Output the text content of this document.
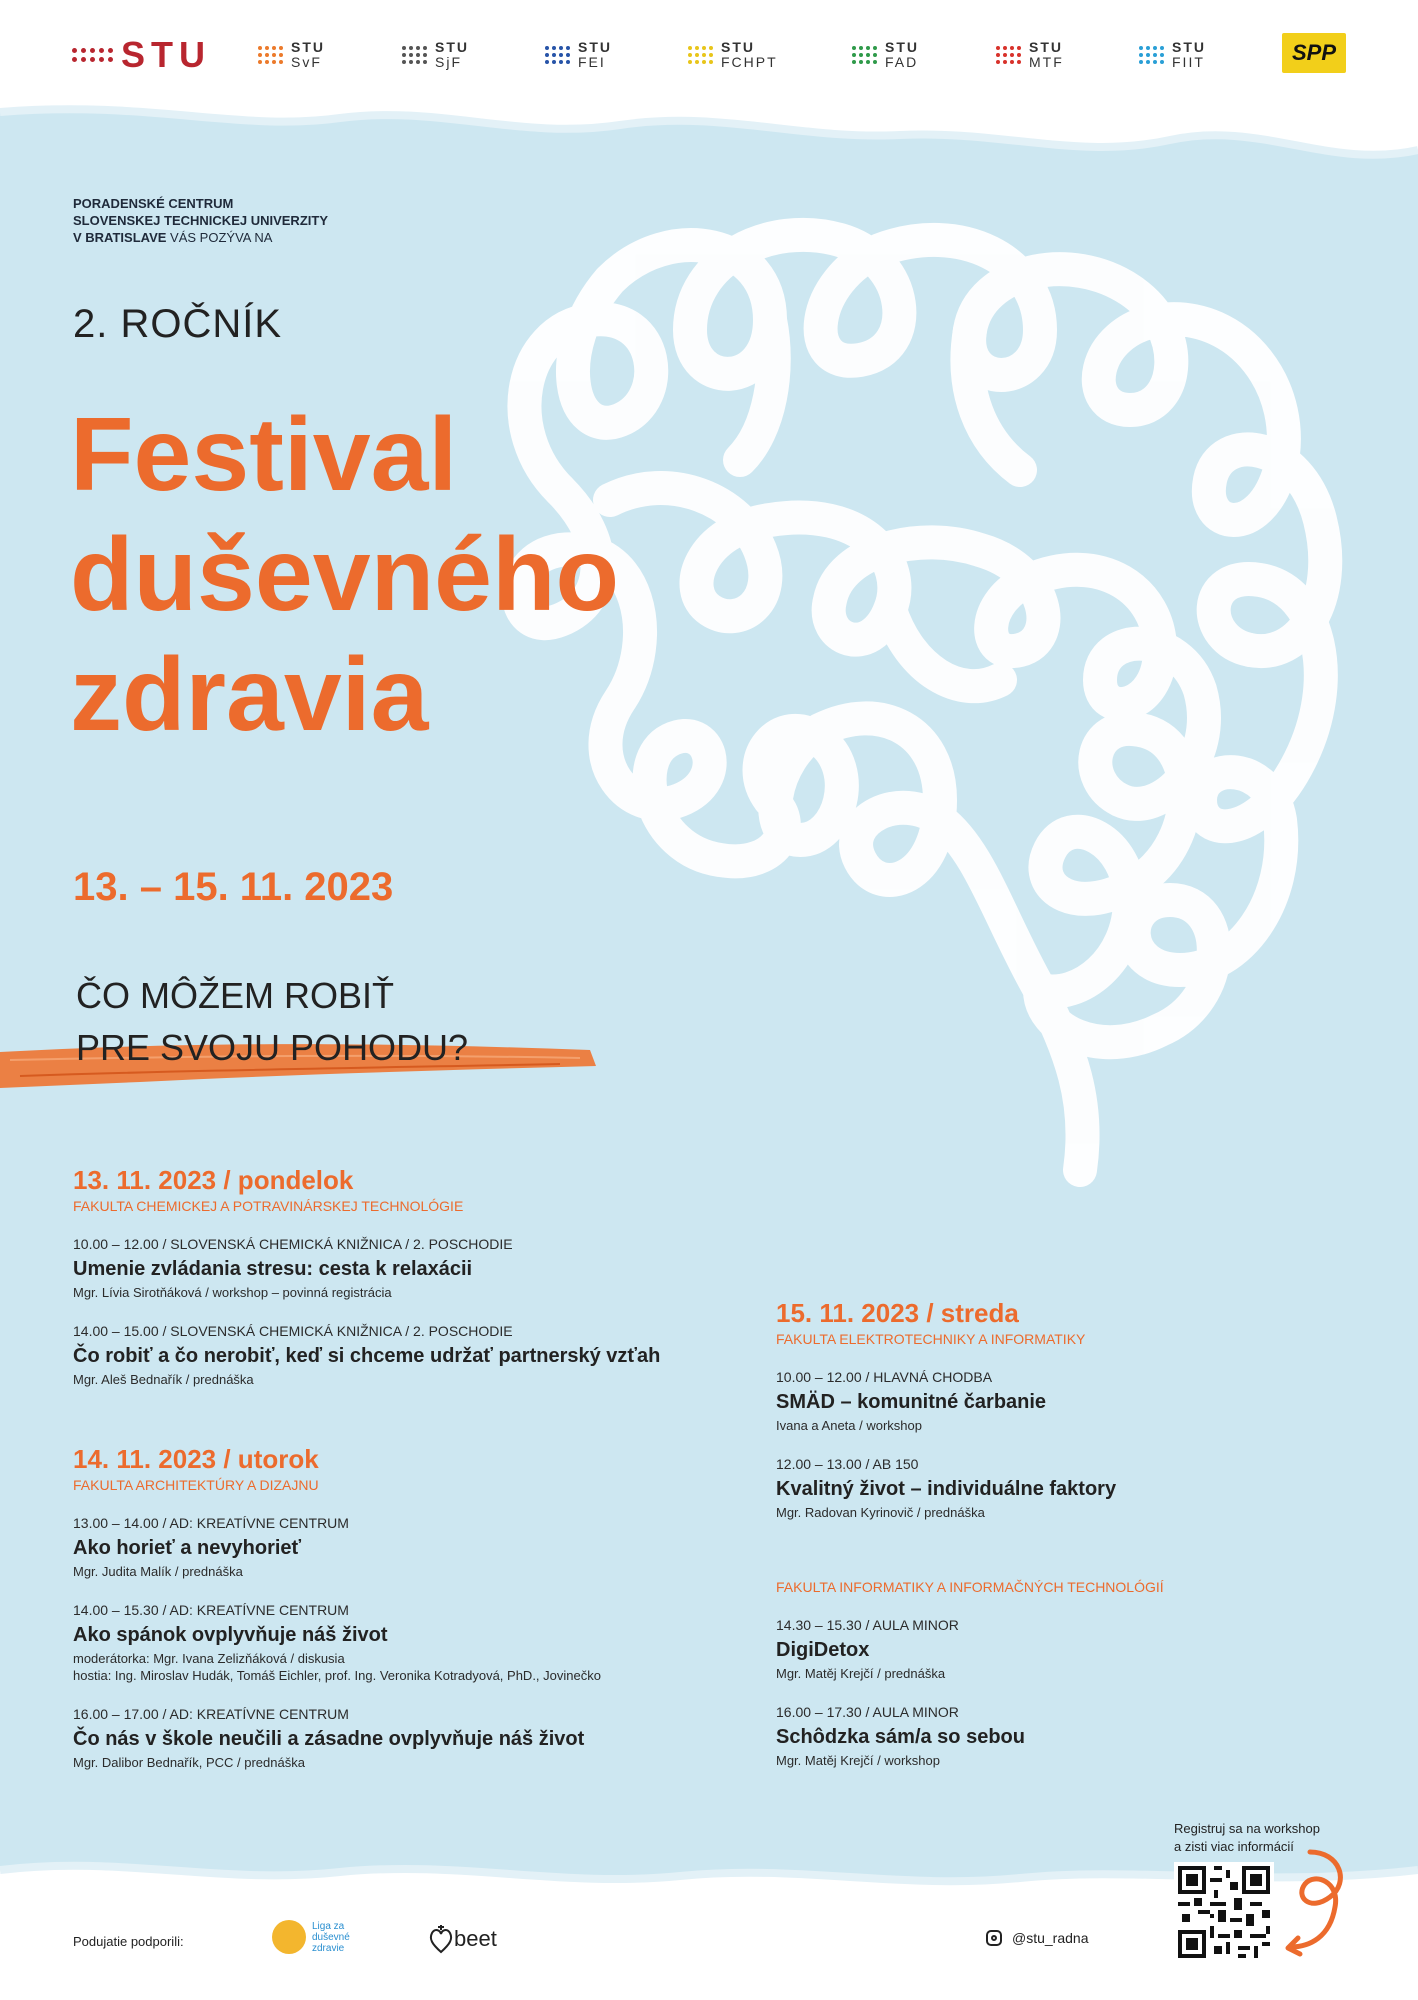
STU	STU
SvF
STU
SjF
STU
FEI
STU
FCHPT
STU
FAD
STU
MTF
STU
FIIT	SPP
PORADENSKÉ CENTRUM
SLOVENSKEJ TECHNICKEJ UNIVERZITY
V BRATISLAVE VÁS POZÝVA NA
2. ROČNÍK
Festival
duševného
zdravia
13. – 15. 11. 2023
ČO MÔŽEM ROBIŤ
PRE SVOJU POHODU?
13. 11. 2023 / pondelok
FAKULTA CHEMICKEJ A POTRAVINÁRSKEJ TECHNOLÓGIE
10.00 – 12.00 / SLOVENSKÁ CHEMICKÁ KNIŽNICA / 2. POSCHODIE
Umenie zvládania stresu: cesta k relaxácii
Mgr. Lívia Sirotňáková / workshop – povinná registrácia
14.00 – 15.00 / SLOVENSKÁ CHEMICKÁ KNIŽNICA / 2. POSCHODIE
Čo robiť a čo nerobiť, keď si chceme udržať partnerský vzťah
Mgr. Aleš Bednařík / prednáška
14. 11. 2023 / utorok
FAKULTA ARCHITEKTÚRY A DIZAJNU
13.00 – 14.00 / AD: KREATÍVNE CENTRUM
Ako horieť a nevyhorieť
Mgr. Judita Malík / prednáška
14.00 – 15.30 / AD: KREATÍVNE CENTRUM
Ako spánok ovplyvňuje náš život
moderátorka: Mgr. Ivana Zelizňáková / diskusia
hostia: Ing. Miroslav Hudák, Tomáš Eichler, prof. Ing. Veronika Kotradyová, PhD., Jovinečko
16.00 – 17.00 / AD: KREATÍVNE CENTRUM
Čo nás v škole neučili a zásadne ovplyvňuje náš život
Mgr. Dalibor Bednařík, PCC / prednáška
15. 11. 2023 / streda
FAKULTA ELEKTROTECHNIKY A INFORMATIKY
10.00 – 12.00 / HLAVNÁ CHODBA
SMÄD – komunitné čarbanie
Ivana a Aneta / workshop
12.00 – 13.00 / AB 150
Kvalitný život – individuálne faktory
Mgr. Radovan Kyrinovič / prednáška
FAKULTA INFORMATIKY A INFORMAČNÝCH TECHNOLÓGIÍ
14.30 – 15.30 / AULA MINOR
DigiDetox
Mgr. Matěj Krejčí / prednáška
16.00 – 17.30 / AULA MINOR
Schôdzka sám/a so sebou
Mgr. Matěj Krejčí / workshop
Registruj sa na workshop
a zisti viac informácií
Podujatie podporili:
Liga za
duševné
zdravie	beet	@stu_radna
